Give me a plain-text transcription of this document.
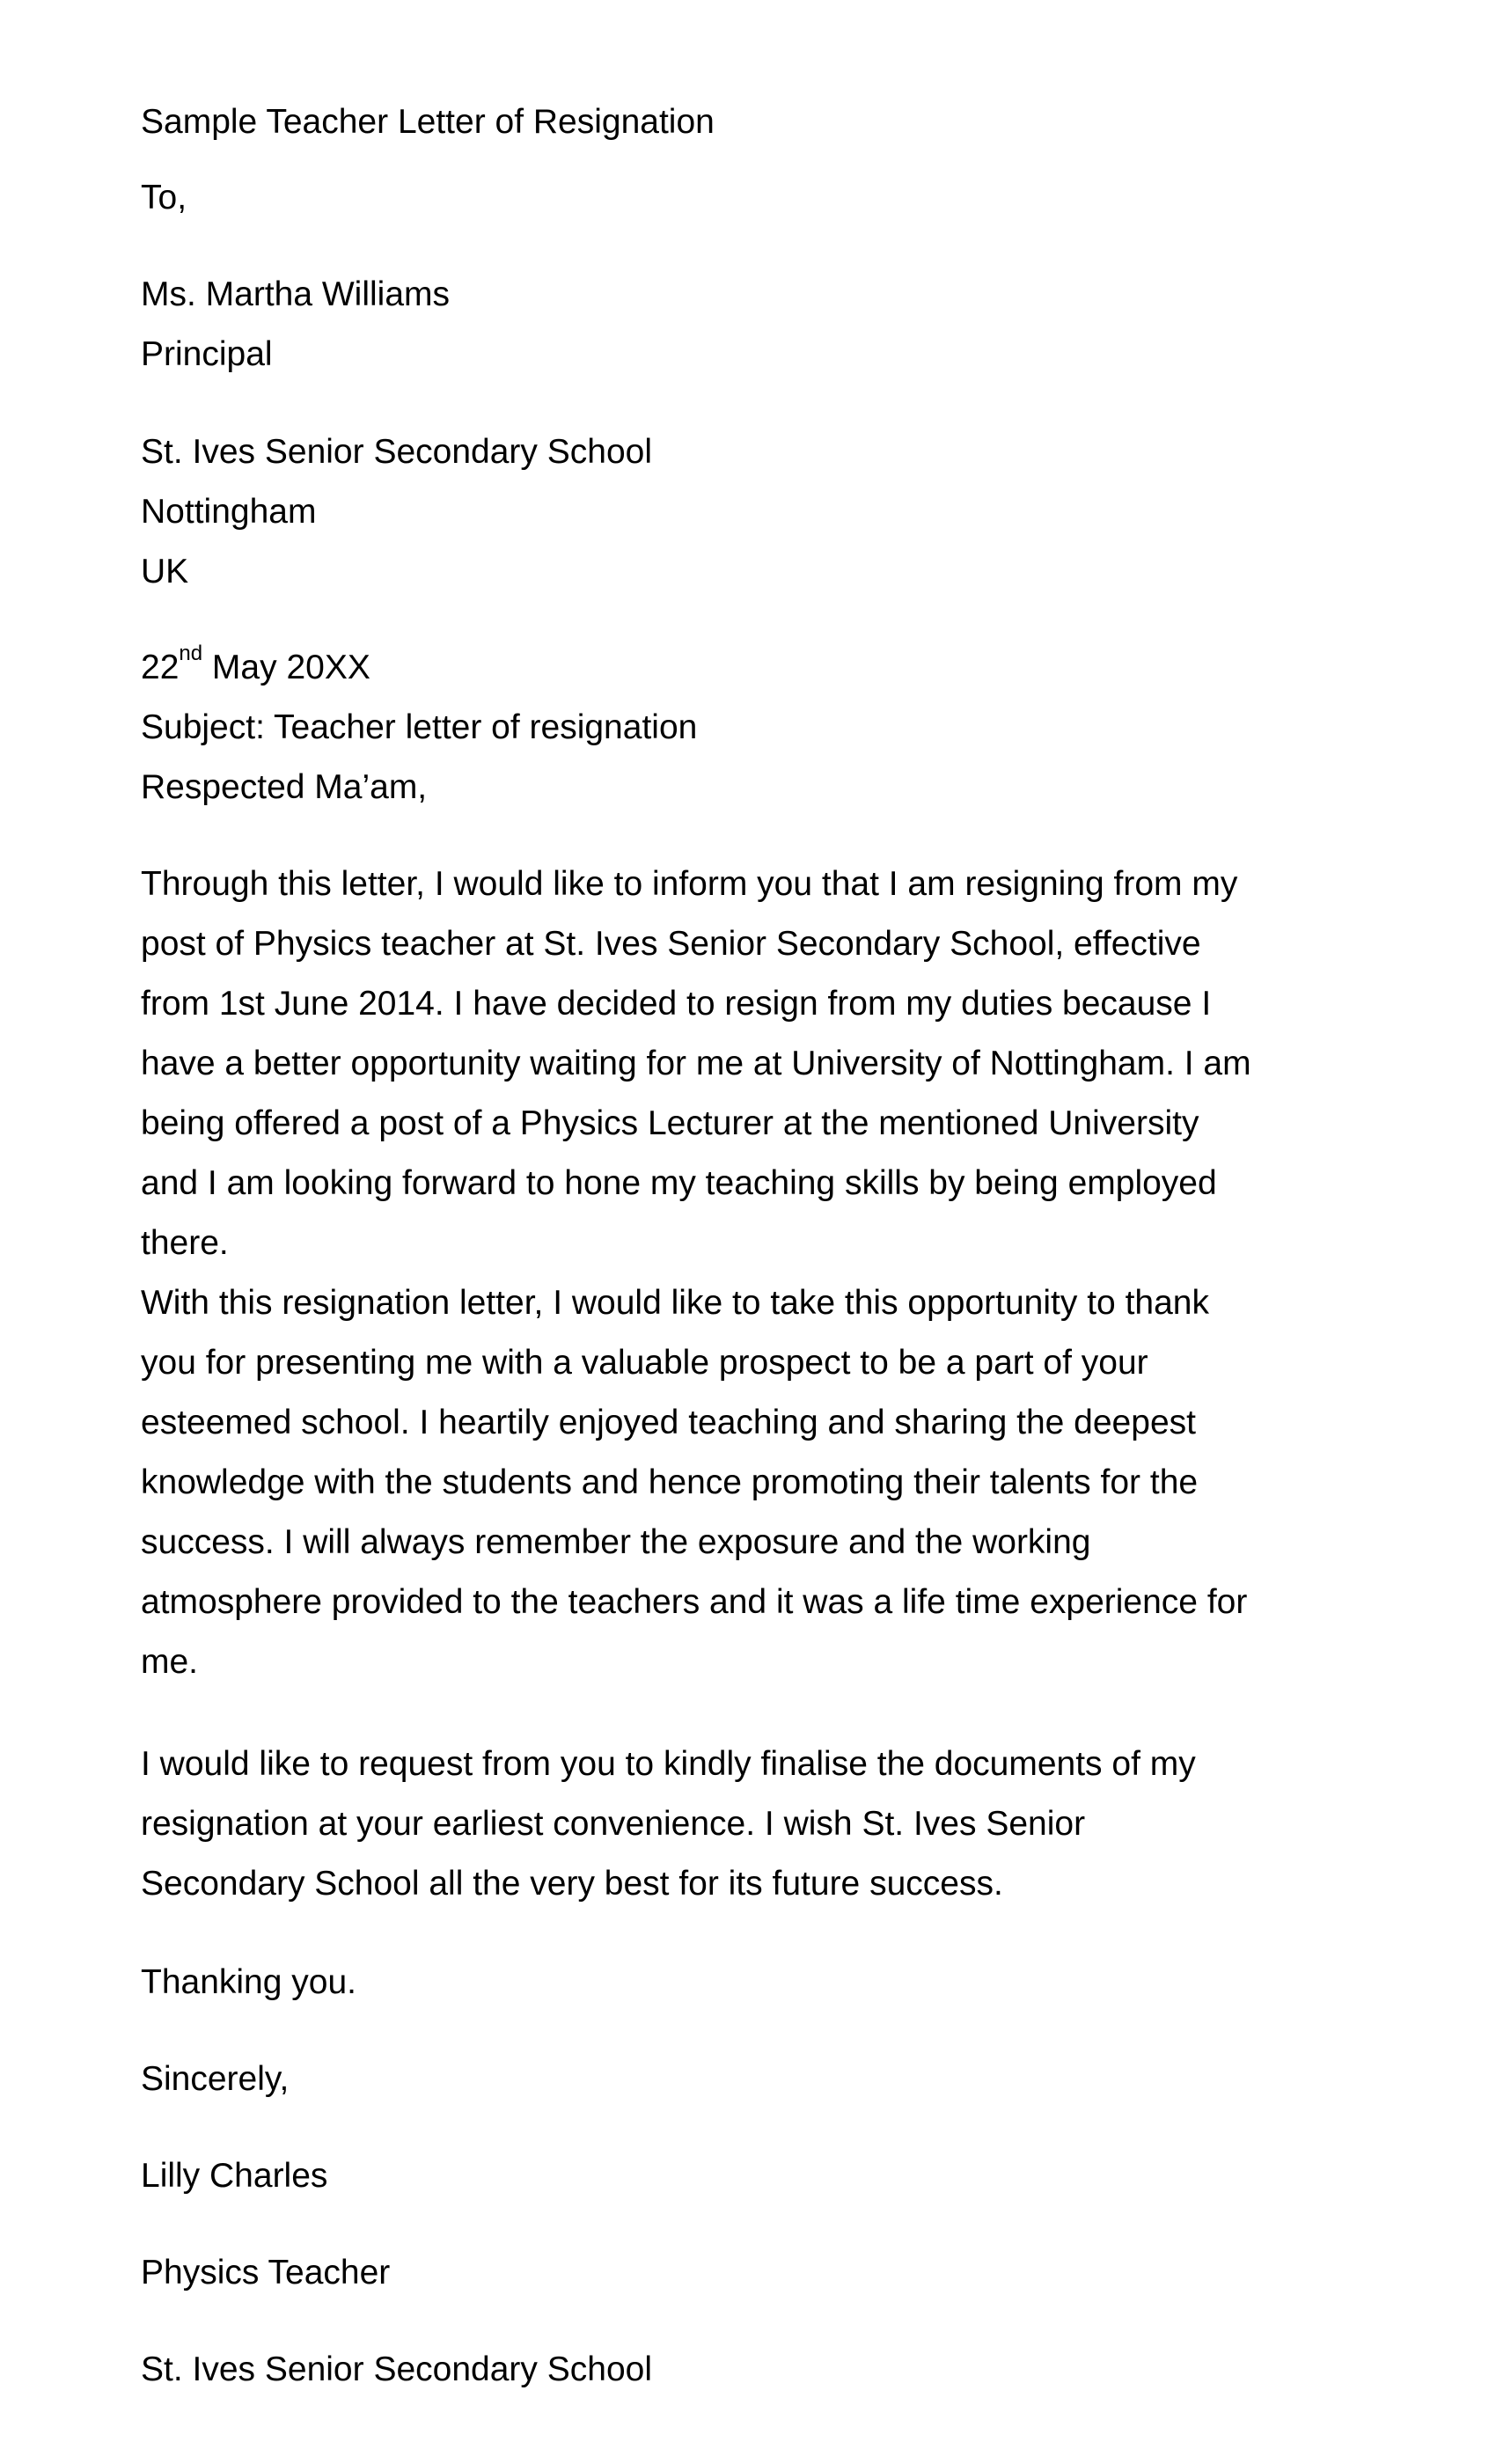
Sample Teacher Letter of Resignation

To,

Ms. Martha Williams
Principal

St. Ives Senior Secondary School
Nottingham
UK

22nd May 20XX
Subject: Teacher letter of resignation
Respected Ma’am,

Through this letter, I would like to inform you that I am resigning from my
post of Physics teacher at St. Ives Senior Secondary School, effective
from 1st June 2014. I have decided to resign from my duties because I
have a better opportunity waiting for me at University of Nottingham. I am
being offered a post of a Physics Lecturer at the mentioned University
and I am looking forward to hone my teaching skills by being employed
there.

With this resignation letter, I would like to take this opportunity to thank
you for presenting me with a valuable prospect to be a part of your
esteemed school. I heartily enjoyed teaching and sharing the deepest
knowledge with the students and hence promoting their talents for the
success. I will always remember the exposure and the working
atmosphere provided to the teachers and it was a life time experience for
me.

I would like to request from you to kindly finalise the documents of my
resignation at your earliest convenience. I wish St. Ives Senior
Secondary School all the very best for its future success.

Thanking you.

Sincerely,

Lilly Charles

Physics Teacher

St. Ives Senior Secondary School
